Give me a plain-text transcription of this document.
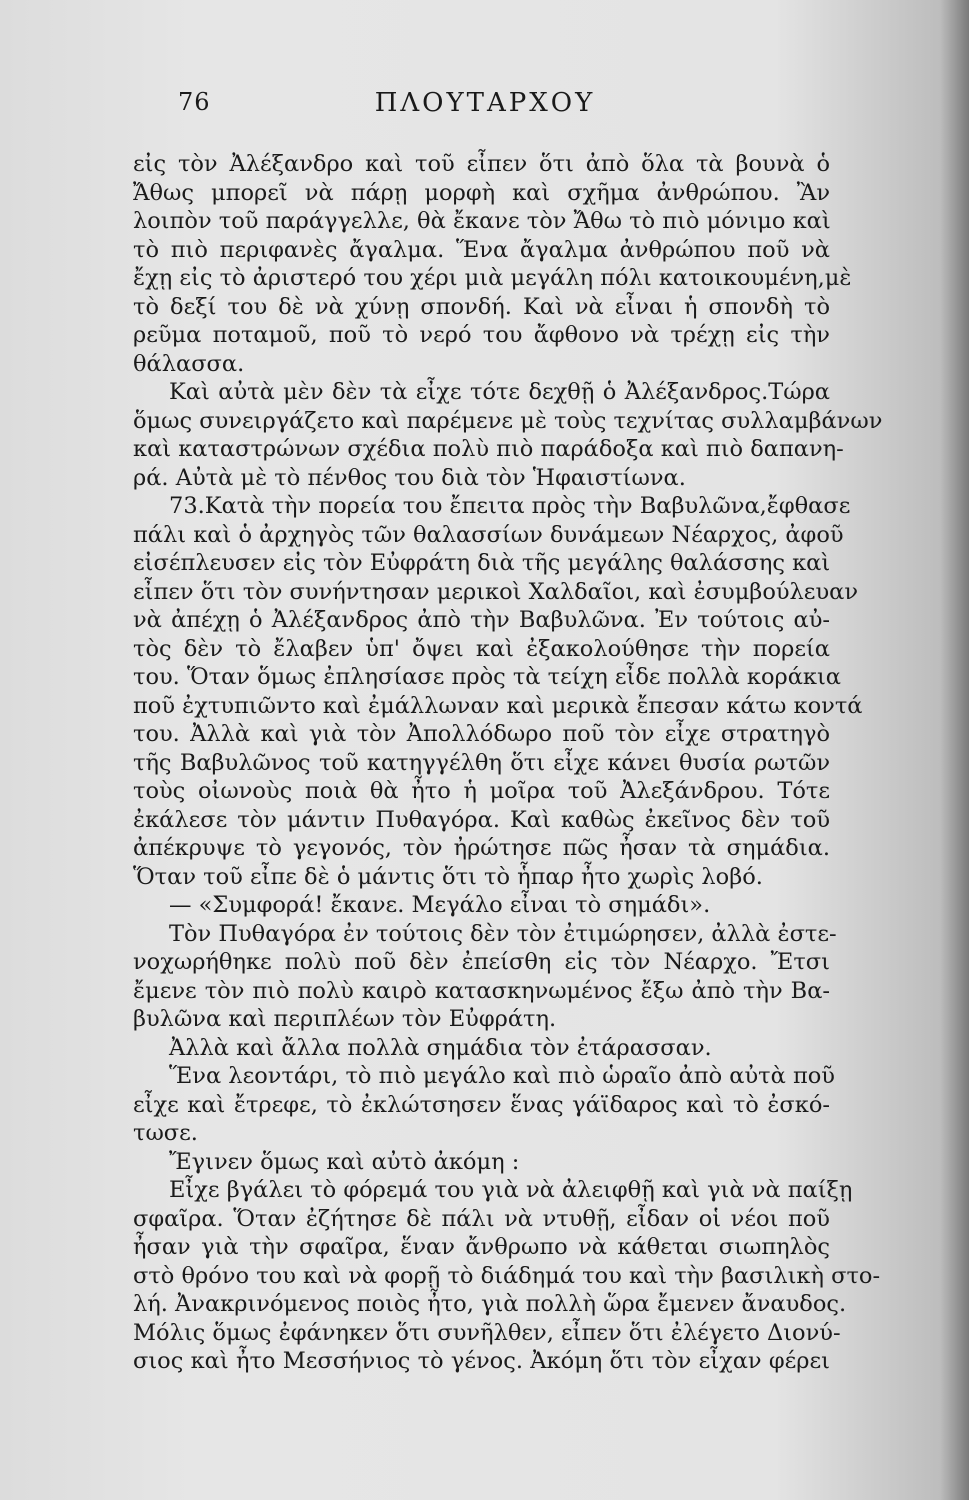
76	ΠΛΟΥΤΑΡΧΟΥ
εἰς τὸν Ἀλέξανδρο καὶ τοῦ εἶπεν ὅτι ἀπὸ ὅλα τὰ βουνὰ ὁ
Ἄθως μπορεῖ νὰ πάρῃ μορφὴ καὶ σχῆμα ἀνθρώπου. Ἂν
λοιπὸν τοῦ παράγγελλε, θὰ ἔκανε τὸν Ἄθω τὸ πιὸ μόνιμο καὶ
τὸ πιὸ περιφανὲς ἄγαλμα. Ἕνα ἄγαλμα ἀνθρώπου ποῦ νὰ
ἔχῃ εἰς τὸ ἀριστερό του χέρι μιὰ μεγάλη πόλι κατοικουμένη,μὲ
τὸ δεξί του δὲ νὰ χύνῃ σπονδή. Καὶ νὰ εἶναι ἡ σπονδὴ τὸ
ρεῦμα ποταμοῦ, ποῦ τὸ νερό του ἄφθονο νὰ τρέχῃ εἰς τὴν
θάλασσα.
Καὶ αὐτὰ μὲν δὲν τὰ εἶχε τότε δεχθῇ ὁ Ἀλέξανδρος.Τώρα
ὅμως συνειργάζετο καὶ παρέμενε μὲ τοὺς τεχνίτας συλλαμβάνων
καὶ καταστρώνων σχέδια πολὺ πιὸ παράδοξα καὶ πιὸ δαπανη-
ρά. Αὐτὰ μὲ τὸ πένθος του διὰ τὸν Ἡφαιστίωνα.
73.Κατὰ τὴν πορεία του ἔπειτα πρὸς τὴν Βαβυλῶνα,ἔφθασε
πάλι καὶ ὁ ἀρχηγὸς τῶν θαλασσίων δυνάμεων Νέαρχος, ἀφοῦ
εἰσέπλευσεν εἰς τὸν Εὐφράτη διὰ τῆς μεγάλης θαλάσσης καὶ
εἶπεν ὅτι τὸν συνήντησαν μερικοὶ Χαλδαῖοι, καὶ ἐσυμβούλευαν
νὰ ἀπέχῃ ὁ Ἀλέξανδρος ἀπὸ τὴν Βαβυλῶνα. Ἐν τούτοις αὐ-
τὸς δὲν τὸ ἔλαβεν ὑπ' ὄψει καὶ ἐξακολούθησε τὴν πορεία
του. Ὅταν ὅμως ἐπλησίασε πρὸς τὰ τείχη εἶδε πολλὰ κοράκια
ποῦ ἐχτυπιῶντο καὶ ἐμάλλωναν καὶ μερικὰ ἔπεσαν κάτω κοντά
του. Ἀλλὰ καὶ γιὰ τὸν Ἀπολλόδωρο ποῦ τὸν εἶχε στρατηγὸ
τῆς Βαβυλῶνος τοῦ κατηγγέλθη ὅτι εἶχε κάνει θυσία ρωτῶν
τοὺς οἰωνοὺς ποιὰ θὰ ἦτο ἡ μοῖρα τοῦ Ἀλεξάνδρου. Τότε
ἐκάλεσε τὸν μάντιν Πυθαγόρα. Καὶ καθὼς ἐκεῖνος δὲν τοῦ
ἀπέκρυψε τὸ γεγονός, τὸν ἠρώτησε πῶς ἦσαν τὰ σημάδια.
Ὅταν τοῦ εἶπε δὲ ὁ μάντις ὅτι τὸ ἧπαρ ἦτο χωρὶς λοβό.
— «Συμφορά! ἔκανε. Μεγάλο εἶναι τὸ σημάδι».
Τὸν Πυθαγόρα ἐν τούτοις δὲν τὸν ἐτιμώρησεν, ἀλλὰ ἐστε-
νοχωρήθηκε πολὺ ποῦ δὲν ἐπείσθη εἰς τὸν Νέαρχο. Ἔτσι
ἔμενε τὸν πιὸ πολὺ καιρὸ κατασκηνωμένος ἔξω ἀπὸ τὴν Βα-
βυλῶνα καὶ περιπλέων τὸν Εὐφράτη.
Ἀλλὰ καὶ ἄλλα πολλὰ σημάδια τὸν ἐτάρασσαν.
Ἕνα λεοντάρι, τὸ πιὸ μεγάλο καὶ πιὸ ὡραῖο ἀπὸ αὐτὰ ποῦ
εἶχε καὶ ἔτρεφε, τὸ ἐκλώτσησεν ἕνας γάϊδαρος καὶ τὸ ἐσκό-
τωσε.
Ἔγινεν ὅμως καὶ αὐτὸ ἀκόμη :
Εἶχε βγάλει τὸ φόρεμά του γιὰ νὰ ἀλειφθῇ καὶ γιὰ νὰ παίξῃ
σφαῖρα. Ὅταν ἐζήτησε δὲ πάλι νὰ ντυθῇ, εἶδαν οἱ νέοι ποῦ
ἦσαν γιὰ τὴν σφαῖρα, ἕναν ἄνθρωπο νὰ κάθεται σιωπηλὸς
στὸ θρόνο του καὶ νὰ φορῇ τὸ διάδημά του καὶ τὴν βασιλικὴ στο-
λή. Ἀνακρινόμενος ποιὸς ἦτο, γιὰ πολλὴ ὥρα ἔμενεν ἄναυδος.
Μόλις ὅμως ἐφάνηκεν ὅτι συνῆλθεν, εἶπεν ὅτι ἐλέγετο Διονύ-
σιος καὶ ἦτο Μεσσήνιος τὸ γένος. Ἀκόμη ὅτι τὸν εἶχαν φέρει
